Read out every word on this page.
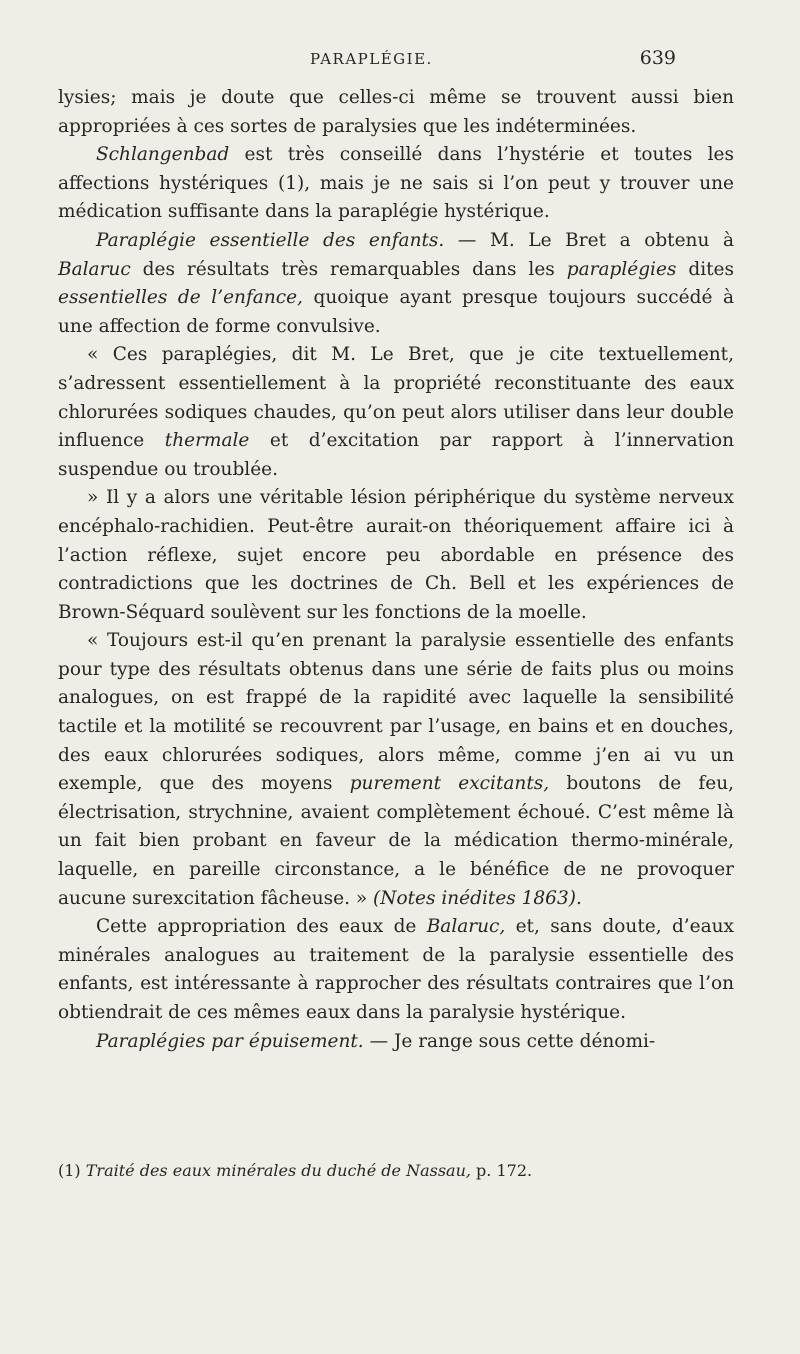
PARAPLÉGIE.	639

lysies; mais je doute que celles-ci même se trouvent aussi bien appropriées à ces sortes de paralysies que les indéterminées.

Schlangenbad est très conseillé dans l’hystérie et toutes les affections hystériques (1), mais je ne sais si l’on peut y trouver une médication suffisante dans la paraplégie hystérique.

Paraplégie essentielle des enfants. — M. Le Bret a obtenu à Balaruc des résultats très remarquables dans les paraplégies dites essentielles de l’enfance, quoique ayant presque toujours succédé à une affection de forme convulsive.

« Ces paraplégies, dit M. Le Bret, que je cite textuellement, s’adressent essentiellement à la propriété reconstituante des eaux chlorurées sodiques chaudes, qu’on peut alors utiliser dans leur double influence thermale et d’excitation par rapport à l’innervation suspendue ou troublée.

» Il y a alors une véritable lésion périphérique du système nerveux encéphalo-rachidien. Peut-être aurait-on théoriquement affaire ici à l’action réflexe, sujet encore peu abordable en présence des contradictions que les doctrines de Ch. Bell et les expériences de Brown-Séquard soulèvent sur les fonctions de la moelle.

« Toujours est-il qu’en prenant la paralysie essentielle des enfants pour type des résultats obtenus dans une série de faits plus ou moins analogues, on est frappé de la rapidité avec laquelle la sensibilité tactile et la motilité se recouvrent par l’usage, en bains et en douches, des eaux chlorurées sodiques, alors même, comme j’en ai vu un exemple, que des moyens purement excitants, boutons de feu, électrisation, strychnine, avaient complètement échoué. C’est même là un fait bien probant en faveur de la médication thermo-minérale, laquelle, en pareille circonstance, a le bénéfice de ne provoquer aucune surexcitation fâcheuse. » (Notes inédites 1863).

Cette appropriation des eaux de Balaruc, et, sans doute, d’eaux minérales analogues au traitement de la paralysie essentielle des enfants, est intéressante à rapprocher des résultats contraires que l’on obtiendrait de ces mêmes eaux dans la paralysie hystérique.

Paraplégies par épuisement. — Je range sous cette dénomi-

(1) Traité des eaux minérales du duché de Nassau, p. 172.
